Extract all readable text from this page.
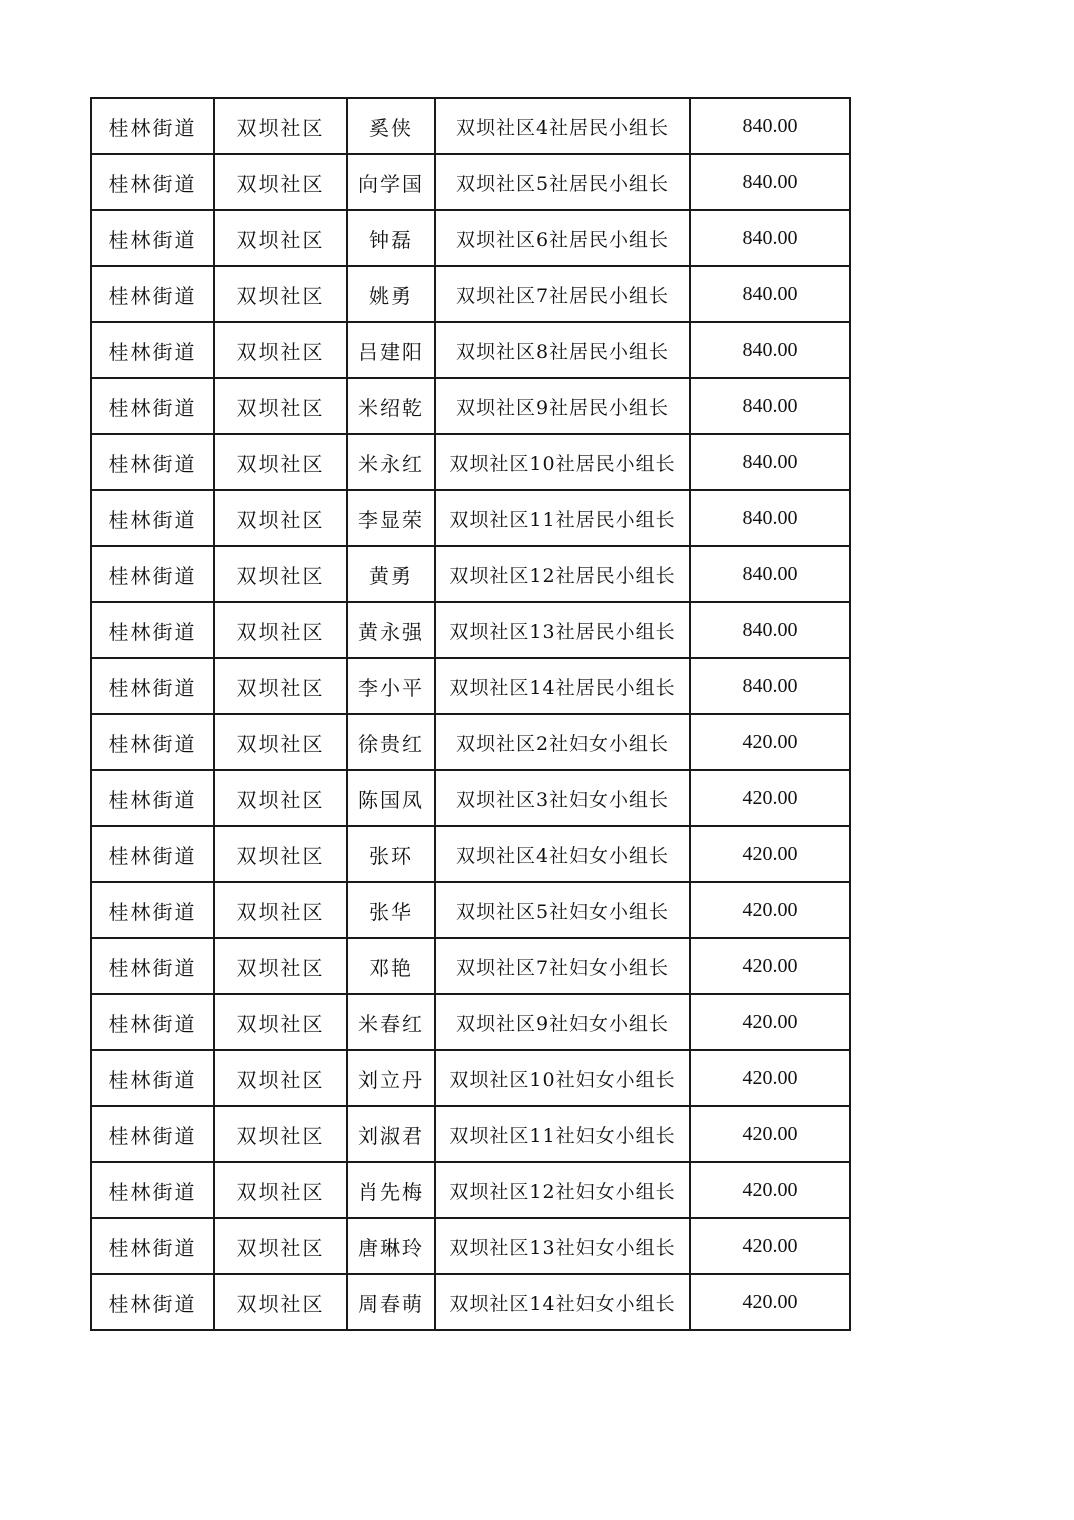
桂林街道	双坝社区	奚侠	双坝社区4社居民小组长	840.00
桂林街道	双坝社区	向学国	双坝社区5社居民小组长	840.00
桂林街道	双坝社区	钟磊	双坝社区6社居民小组长	840.00
桂林街道	双坝社区	姚勇	双坝社区7社居民小组长	840.00
桂林街道	双坝社区	吕建阳	双坝社区8社居民小组长	840.00
桂林街道	双坝社区	米绍乾	双坝社区9社居民小组长	840.00
桂林街道	双坝社区	米永红	双坝社区10社居民小组长	840.00
桂林街道	双坝社区	李显荣	双坝社区11社居民小组长	840.00
桂林街道	双坝社区	黄勇	双坝社区12社居民小组长	840.00
桂林街道	双坝社区	黄永强	双坝社区13社居民小组长	840.00
桂林街道	双坝社区	李小平	双坝社区14社居民小组长	840.00
桂林街道	双坝社区	徐贵红	双坝社区2社妇女小组长	420.00
桂林街道	双坝社区	陈国凤	双坝社区3社妇女小组长	420.00
桂林街道	双坝社区	张环	双坝社区4社妇女小组长	420.00
桂林街道	双坝社区	张华	双坝社区5社妇女小组长	420.00
桂林街道	双坝社区	邓艳	双坝社区7社妇女小组长	420.00
桂林街道	双坝社区	米春红	双坝社区9社妇女小组长	420.00
桂林街道	双坝社区	刘立丹	双坝社区10社妇女小组长	420.00
桂林街道	双坝社区	刘淑君	双坝社区11社妇女小组长	420.00
桂林街道	双坝社区	肖先梅	双坝社区12社妇女小组长	420.00
桂林街道	双坝社区	唐琳玲	双坝社区13社妇女小组长	420.00
桂林街道	双坝社区	周春萌	双坝社区14社妇女小组长	420.00
